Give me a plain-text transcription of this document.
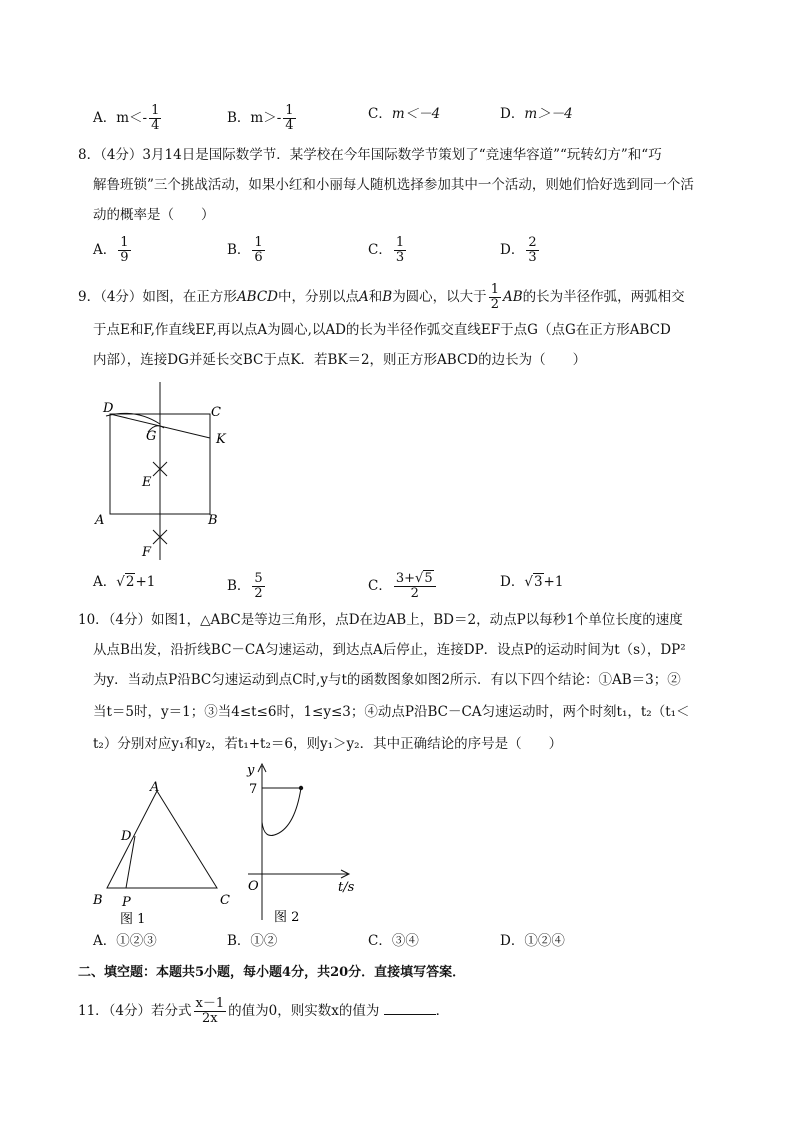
A．$m<- \frac{1}{4}$	B．$m>- \frac{1}{4}$	C．m＜－4	D．m＞－4
8．（4分）3月14日是国际数学节．某学校在今年国际数学节策划了“竞速华容道”“玩转幻方”和“巧
解鲁班锁”三个挑战活动，如果小红和小丽每人随机选择参加其中一个活动，则她们恰好选到同一个活
动的概率是（　　）
A． $\frac{1}{9}$	B． $\frac{1}{6}$	C． $\frac{1}{3}$	D． $\frac{2}{3}$
9．（4分）如图，在正方形ABCD中，分别以点A和B为圆心，以大于 $\frac{1}{2}$ AB的长为半径作弧，两弧相交
于点E和F,作直线EF,再以点A为圆心,以AD的长为半径作弧交直线EF于点G（点G在正方形ABCD
内部），连接DG并延长交BC于点K．若BK＝2，则正方形ABCD的边长为（　　）
D	C
G	K
E
A	B
F
A．√2+1	B． $\frac{5}{2}$	C． $\frac{3+√5}{2}$	D．√3+1
10．（4分）如图1，△ABC是等边三角形，点D在边AB上，BD＝2，动点P以每秒1个单位长度的速度
从点B出发，沿折线BC－CA匀速运动，到达点A后停止，连接DP．设点P的运动时间为t（s），DP²
为y．当动点P沿BC匀速运动到点C时,y与t的函数图象如图2所示．有以下四个结论：①AB＝3；②
当t＝5时，y＝1；③当4≤t≤6时，1≤y≤3；④动点P沿BC－CA匀速运动时，两个时刻t₁，t₂（t₁＜
t₂）分别对应y₁和y₂，若t₁+t₂＝6，则y₁＞y₂．其中正确结论的序号是（　　）
A
D
B P	C
图 1
y
7
O	t/s
图 2
A．①②③	B．①②	C．③④	D．①②④
二、填空题：本题共5小题，每小题4分，共20分．直接填写答案．
11．（4分）若分式 $\frac{x-1}{2x}$ 的值为0，则实数x的值为	．
